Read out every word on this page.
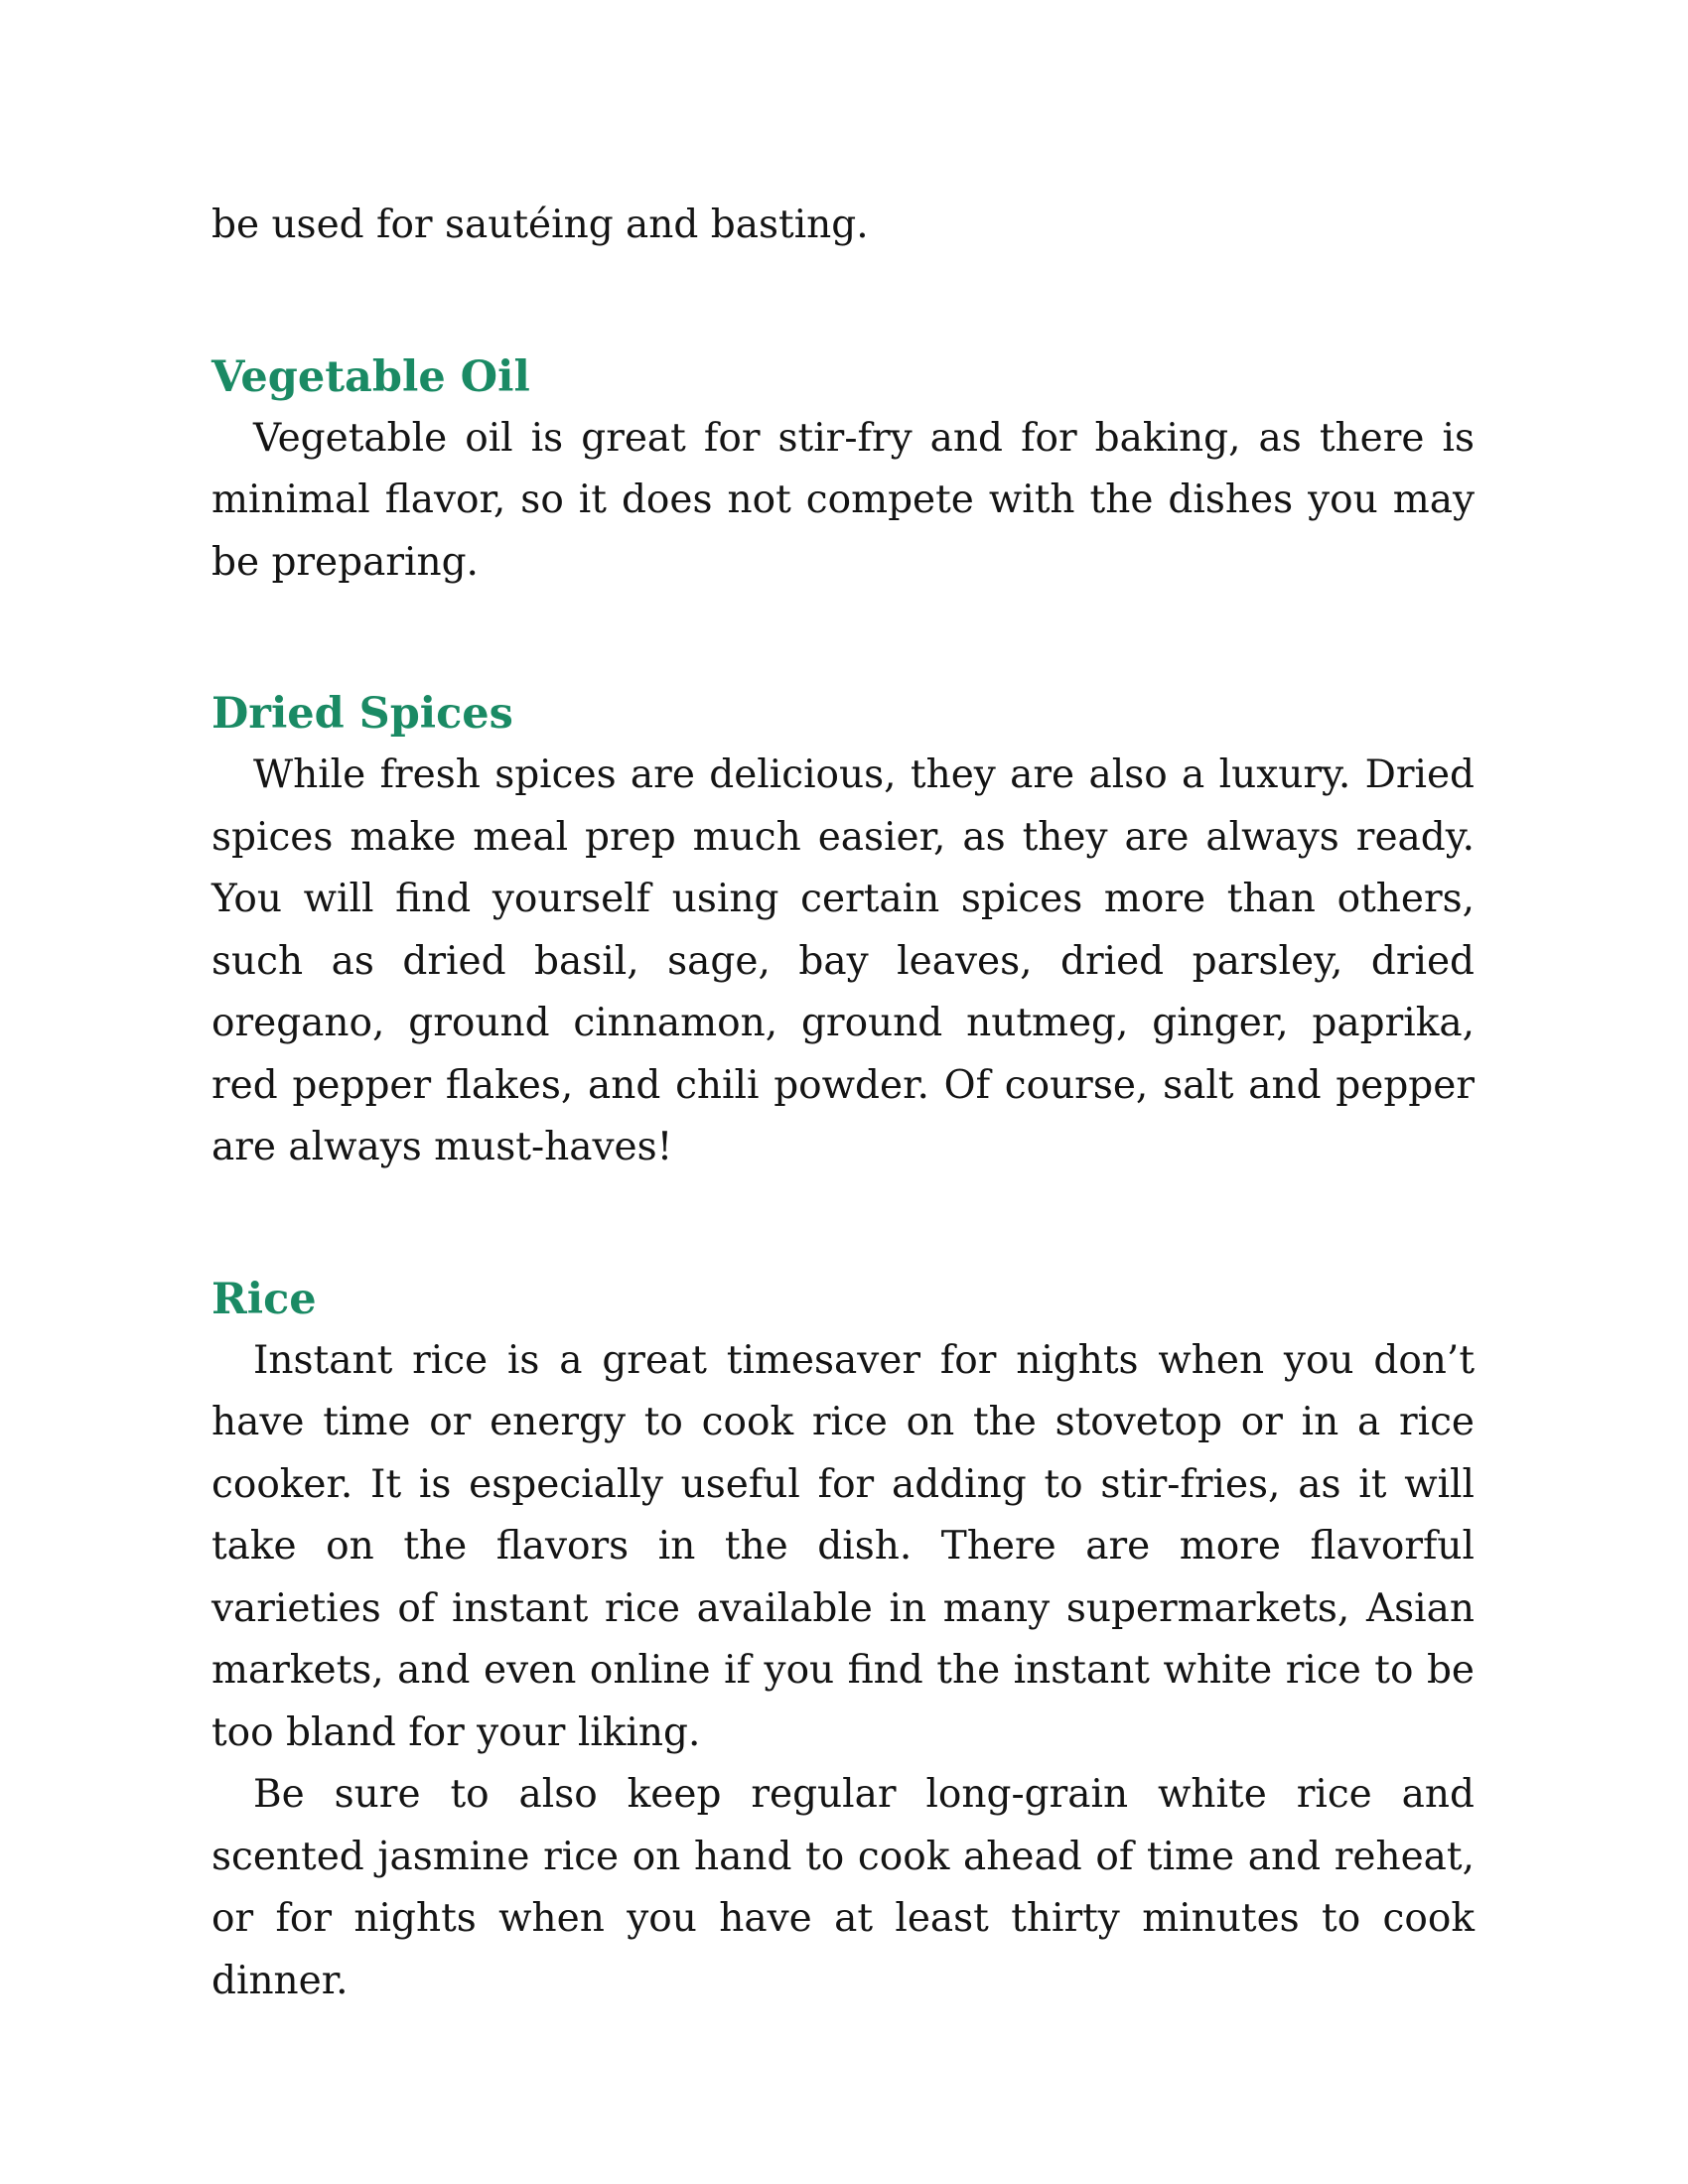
be used for sautéing and basting.

Vegetable Oil

Vegetable oil is great for stir-fry and for baking, as there is minimal flavor, so it does not compete with the dishes you may be preparing.

Dried Spices

While fresh spices are delicious, they are also a luxury. Dried spices make meal prep much easier, as they are always ready. You will find yourself using certain spices more than others, such as dried basil, sage, bay leaves, dried parsley, dried oregano, ground cinnamon, ground nutmeg, ginger, paprika, red pepper flakes, and chili powder. Of course, salt and pepper are always must-haves!

Rice

Instant rice is a great timesaver for nights when you don’t have time or energy to cook rice on the stovetop or in a rice cooker. It is especially useful for adding to stir-fries, as it will take on the flavors in the dish. There are more flavorful varieties of instant rice available in many supermarkets, Asian markets, and even online if you find the instant white rice to be too bland for your liking.

Be sure to also keep regular long-grain white rice and scented jasmine rice on hand to cook ahead of time and reheat, or for nights when you have at least thirty minutes to cook dinner.
